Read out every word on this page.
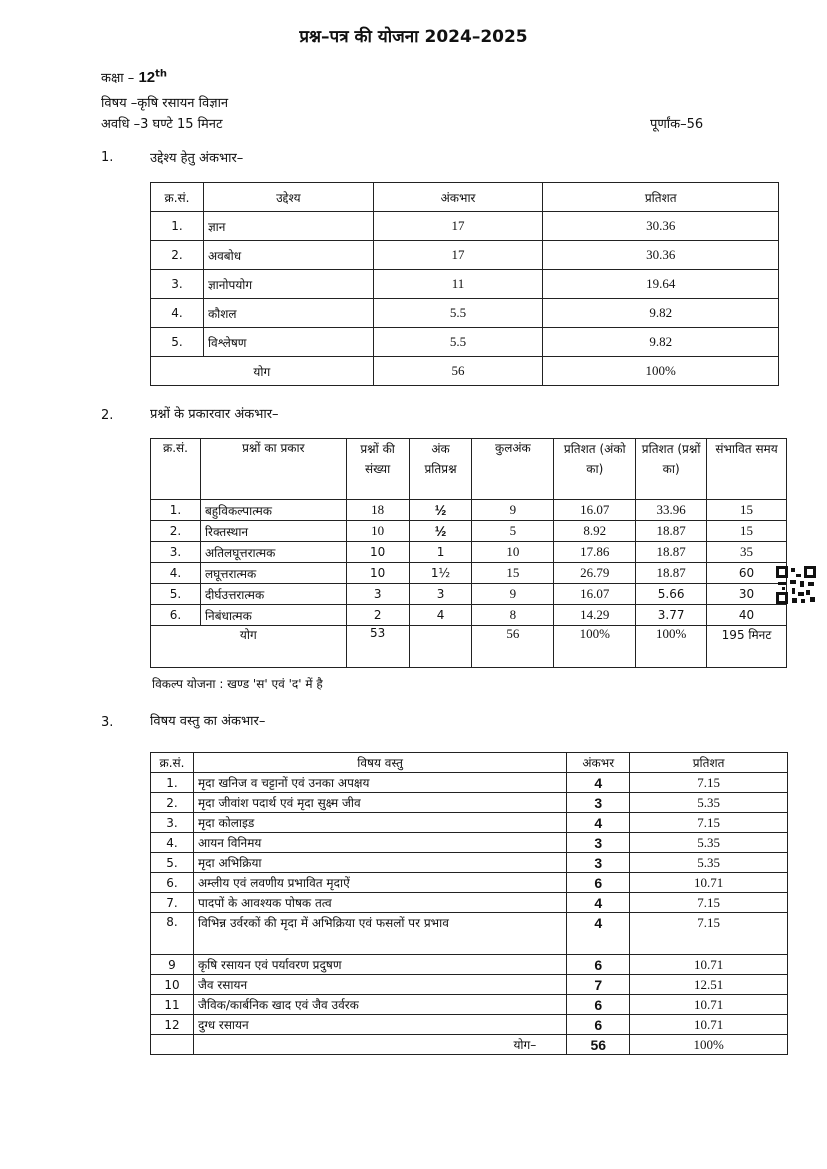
प्रश्न–पत्र की योजना 2024–2025
कक्षा – 12th
विषय –कृषि रसायन विज्ञान
अवधि –3 घण्टे 15 मिनट	पूर्णांक–56
1.	उद्देश्य हेतु अंकभार–
क्र.सं.	उद्देश्य	अंकभार	प्रतिशत
1.	ज्ञान	17	30.36
2.	अवबोध	17	30.36
3.	ज्ञानोपयोग	11	19.64
4.	कौशल	5.5	9.82
5.	विश्लेषण	5.5	9.82
योग		56	100%
2.	प्रश्नों के प्रकारवार अंकभार–
क्र.सं.	प्रश्नों का प्रकार	प्रश्नों की संख्या	अंक प्रतिप्रश्न	कुलअंक	प्रतिशत (अंको का)	प्रतिशत (प्रश्नों का)	संभावित समय
1.	बहुविकल्पात्मक	18	½	9	16.07	33.96	15
2.	रिक्तस्थान	10	½	5	8.92	18.87	15
3.	अतिलघूत्तरात्मक	10	1	10	17.86	18.87	35
4.	लघूत्तरात्मक	10	1½	15	26.79	18.87	60
5.	दीर्घउत्तरात्मक	3	3	9	16.07	5.66	30
6.	निबंधात्मक	2	4	8	14.29	3.77	40
योग		53		56	100%	100%	195 मिनट
विकल्प योजना : खण्ड 'स' एवं 'द' में है
3.	विषय वस्तु का अंकभार–
क्र.सं.	विषय वस्तु	अंकभर	प्रतिशत
1.	मृदा खनिज व चट्टानों एवं उनका अपक्षय	4	7.15
2.	मृदा जीवांश पदार्थ एवं मृदा सुक्ष्म जीव	3	5.35
3.	मृदा कोलाइड	4	7.15
4.	आयन विनिमय	3	5.35
5.	मृदा अभिक्रिया	3	5.35
6.	अम्लीय एवं लवणीय प्रभावित मृदाऐं	6	10.71
7.	पादपों के आवश्यक पोषक तत्व	4	7.15
8.	विभिन्न उर्वरकों की मृदा में अभिक्रिया एवं फसलों पर प्रभाव	4	7.15
9	कृषि रसायन एवं पर्यावरण प्रदुषण	6	10.71
10	जैव रसायन	7	12.51
11	जैविक/कार्बनिक खाद एवं जैव उर्वरक	6	10.71
12	दुग्ध रसायन	6	10.71
	योग–	56	100%
